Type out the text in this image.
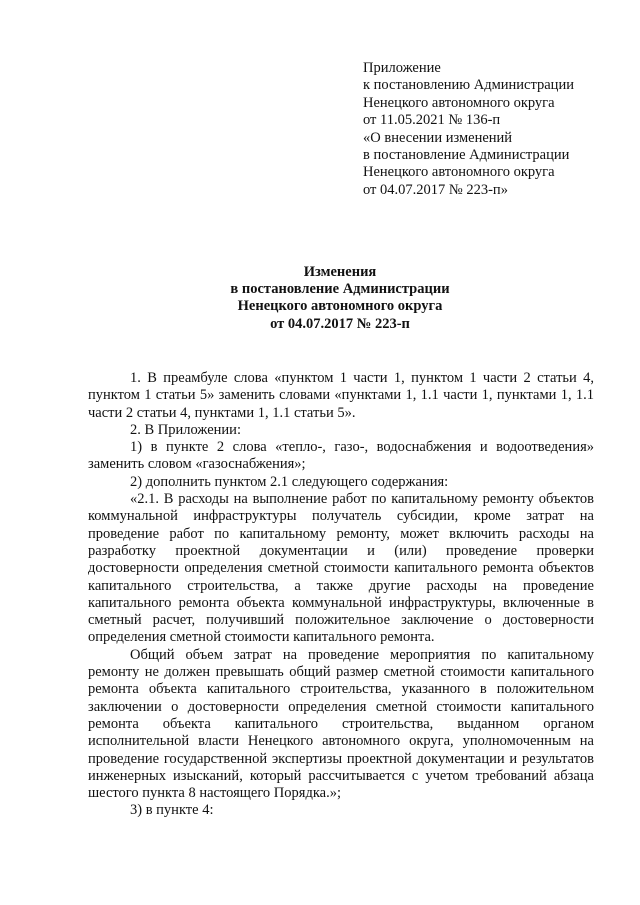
Приложение
к постановлению Администрации
Ненецкого автономного округа
от 11.05.2021 № 136-п
«О внесении изменений
в постановление Администрации
Ненецкого автономного округа
от 04.07.2017 № 223-п»
Изменения
в постановление Администрации
Ненецкого автономного округа
от 04.07.2017 № 223-п

1. В преамбуле слова «пунктом 1 части 1, пунктом 1 части 2 статьи 4, пунктом 1 статьи 5» заменить словами «пунктами 1, 1.1 части 1, пунктами 1, 1.1 части 2 статьи 4, пунктами 1, 1.1 статьи 5».

2. В Приложении:

1) в пункте 2 слова «тепло-, газо-, водоснабжения и водоотведения» заменить словом «газоснабжения»;

2) дополнить пунктом 2.1 следующего содержания:

«2.1. В расходы на выполнение работ по капитальному ремонту объектов коммунальной инфраструктуры получатель субсидии, кроме затрат на проведение работ по капитальному ремонту, может включить расходы на разработку проектной документации и (или) проведение проверки достоверности определения сметной стоимости капитального ремонта объектов капитального строительства, а также другие расходы на проведение капитального ремонта объекта коммунальной инфраструктуры, включенные в сметный расчет, получивший положительное заключение о достоверности определения сметной стоимости капитального ремонта.

Общий объем затрат на проведение мероприятия по капитальному ремонту не должен превышать общий размер сметной стоимости капитального ремонта объекта капитального строительства, указанного в положительном заключении о достоверности определения сметной стоимости капитального ремонта объекта капитального строительства, выданном органом исполнительной власти Ненецкого автономного округа, уполномоченным на проведение государственной экспертизы проектной документации и результатов инженерных изысканий, который рассчитывается с учетом требований абзаца шестого пункта 8 настоящего Порядка.»;

3) в пункте 4:
